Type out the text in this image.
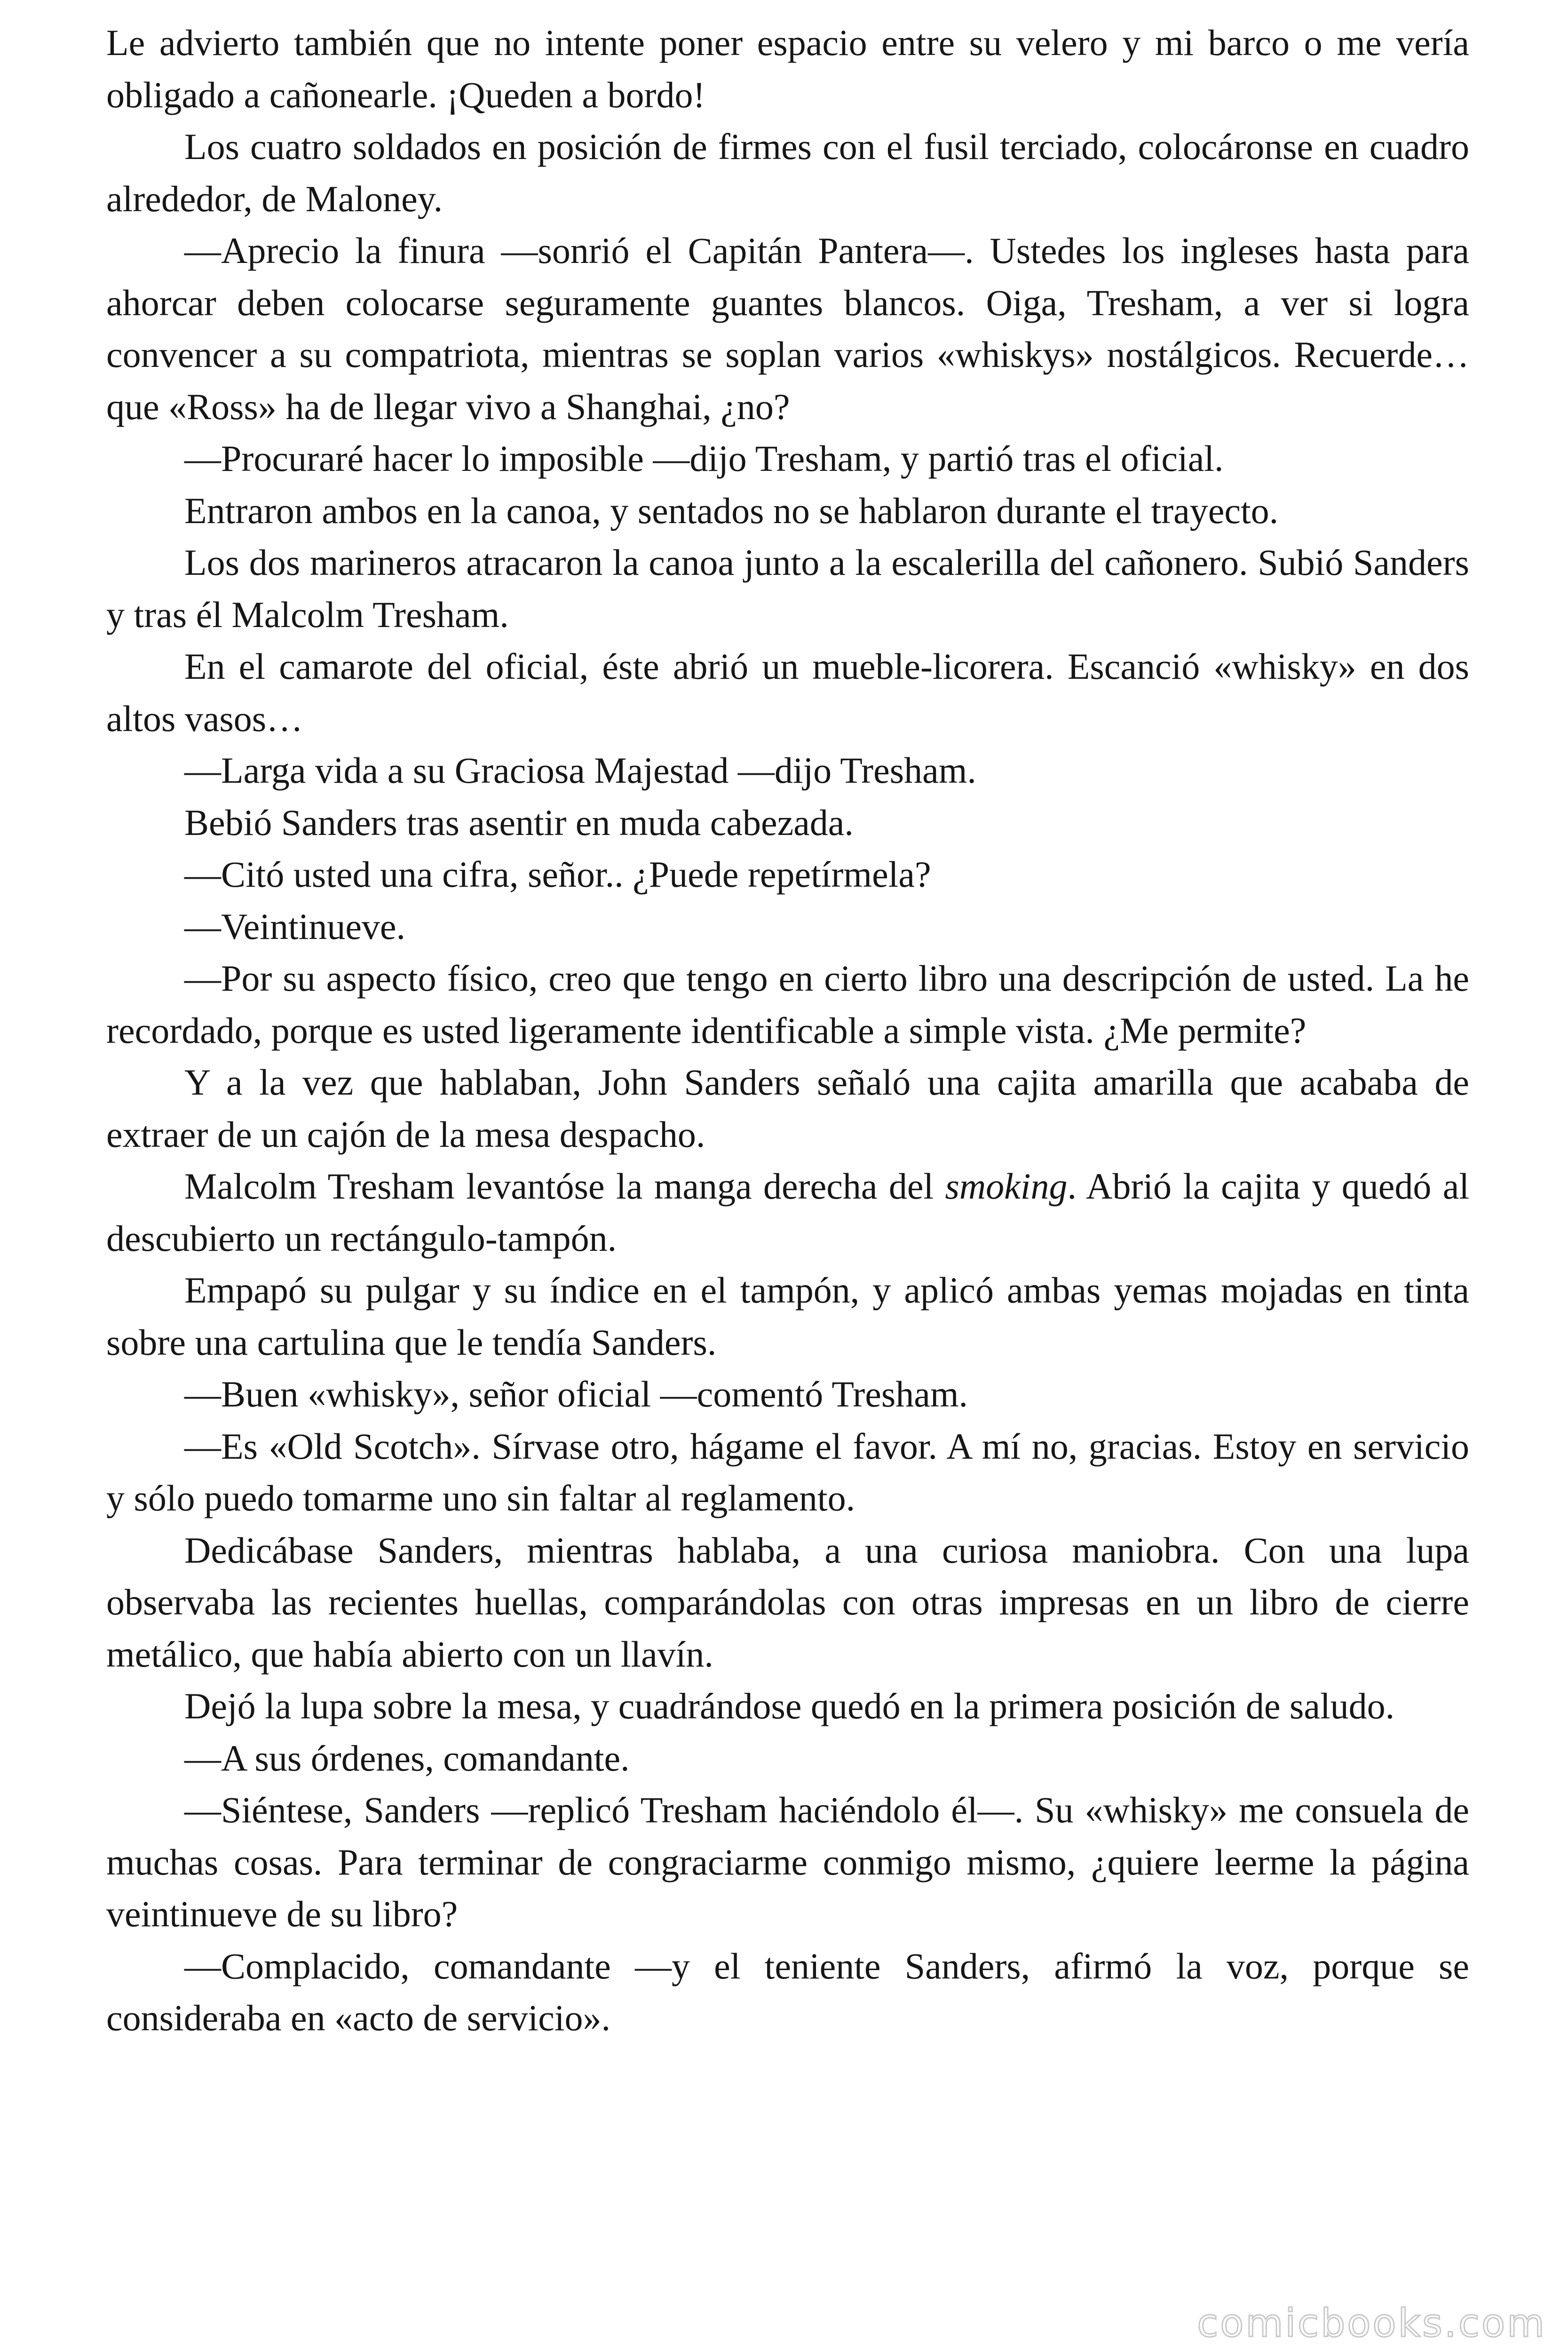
Le advierto también que no intente poner espacio entre su velero y mi barco o me vería obligado a cañonearle. ¡Queden a bordo!

Los cuatro soldados en posición de firmes con el fusil terciado, colocáronse en cuadro alrededor, de Maloney.

—Aprecio la finura —sonrió el Capitán Pantera—. Ustedes los ingleses hasta para ahorcar deben colocarse seguramente guantes blancos. Oiga, Tresham, a ver si logra convencer a su compatriota, mientras se soplan varios «whiskys» nostálgicos. Recuerde… que «Ross» ha de llegar vivo a Shanghai, ¿no?

—Procuraré hacer lo imposible —dijo Tresham, y partió tras el oficial.

Entraron ambos en la canoa, y sentados no se hablaron durante el trayecto.

Los dos marineros atracaron la canoa junto a la escalerilla del cañonero. Subió Sanders y tras él Malcolm Tresham.

En el camarote del oficial, éste abrió un mueble-licorera. Escanció «whisky» en dos altos vasos…

—Larga vida a su Graciosa Majestad —dijo Tresham.

Bebió Sanders tras asentir en muda cabezada.

—Citó usted una cifra, señor.. ¿Puede repetírmela?

—Veintinueve.

—Por su aspecto físico, creo que tengo en cierto libro una descripción de usted. La he recordado, porque es usted ligeramente identificable a simple vista. ¿Me permite?

Y a la vez que hablaban, John Sanders señaló una cajita amarilla que acababa de extraer de un cajón de la mesa despacho.

Malcolm Tresham levantóse la manga derecha del smoking. Abrió la cajita y quedó al descubierto un rectángulo-tampón.

Empapó su pulgar y su índice en el tampón, y aplicó ambas yemas mojadas en tinta sobre una cartulina que le tendía Sanders.

—Buen «whisky», señor oficial —comentó Tresham.

—Es «Old Scotch». Sírvase otro, hágame el favor. A mí no, gracias. Estoy en servicio y sólo puedo tomarme uno sin faltar al reglamento.

Dedicábase Sanders, mientras hablaba, a una curiosa maniobra. Con una lupa observaba las recientes huellas, comparándolas con otras impresas en un libro de cierre metálico, que había abierto con un llavín.

Dejó la lupa sobre la mesa, y cuadrándose quedó en la primera posición de saludo.

—A sus órdenes, comandante.

—Siéntese, Sanders —replicó Tresham haciéndolo él—. Su «whisky» me consuela de muchas cosas. Para terminar de congraciarme conmigo mismo, ¿quiere leerme la página veintinueve de su libro?

—Complacido, comandante —y el teniente Sanders, afirmó la voz, porque se consideraba en «acto de servicio».

comicbooks.com
